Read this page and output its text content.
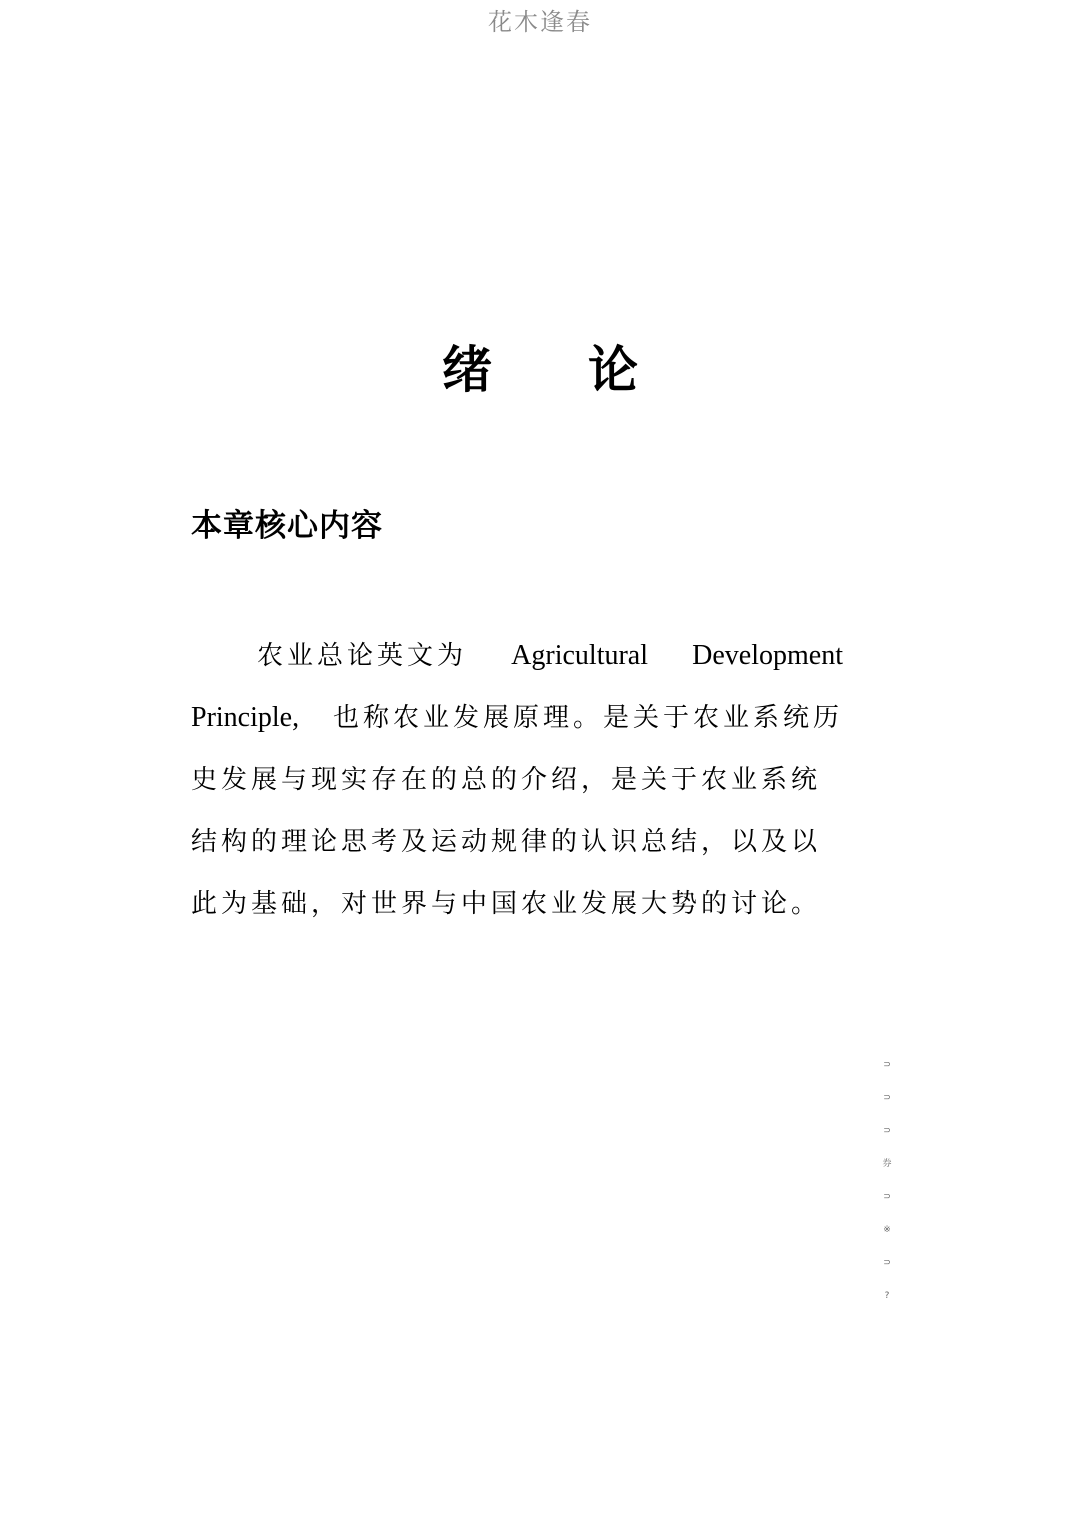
花木逢春
绪 论
本章核心内容
农业总论英文为 Agricultural Development
Principle, 也称农业发展原理。是关于农业系统历
史发展与现实存在的总的介绍，是关于农业系统
结构的理论思考及运动规律的认识总结，以及以
此为基础，对世界与中国农业发展大势的讨论。
⊃
⊃
⊃
券
⊃
※
⊃
?
